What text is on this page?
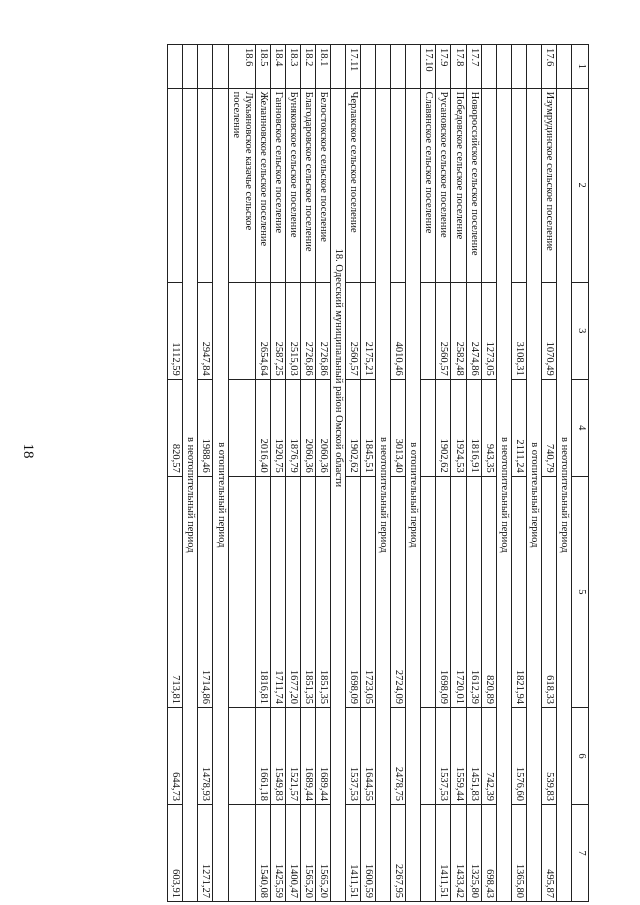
18
1	2	3	4	5	6	7
	в неотопительный период					
17.6	Изумрудинское сельское поселение	1070,49	740,79	618,33	539,83	495,87
	в отопительный период					
		3108,31	2111,24	1821,94	1576,60	1365,80
	в неотопительный период					
		1273,05	943,35	820,89	742,39	698,43
17.7	Новороссийское сельское поселение	2474,86	1816,91	1612,39	1451,83	1325,80
17.8	Победовское сельское поселение	2582,48	1924,53	1720,01	1559,44	1433,42
17.9	Русановское сельское поселение	2560,57	1902,62	1698,09	1537,53	1411,51
17.10	Славянское сельское поселение					
	в отопительный период					
		4010,46	3013,40	2724,09	2478,75	2267,95
	в неотопительный период					
		2175,21	1845,51	1723,05	1644,55	1600,59
17.11	Черлакское сельское поселение	2560,57	1902,62	1698,09	1537,53	1411,51
	18. Одесский муниципальный район Омской области					
18.1	Белостокское сельское поселение	2726,86	2060,36	1851,35	1689,44	1565,20
18.2	Благодаровское сельское поселение	2726,86	2060,36	1851,35	1689,44	1565,20
18.3	Буняковское сельское поселение	2515,03	1876,79	1677,20	1521,57	1400,47
18.4	Ганновское сельское поселение	2587,25	1920,75	1711,74	1549,83	1425,59
18.5	Желанновское сельское поселение	2654,64	2016,40	1816,81	1661,18	1540,08
18.6	Лукьяновское казачье сельское поселение					
	в отопительный период					
		2947,84	1988,46	1714,86	1478,93	1271,27
	в неотопительный период					
		1112,59	820,57	713,81	644,73	603,91
